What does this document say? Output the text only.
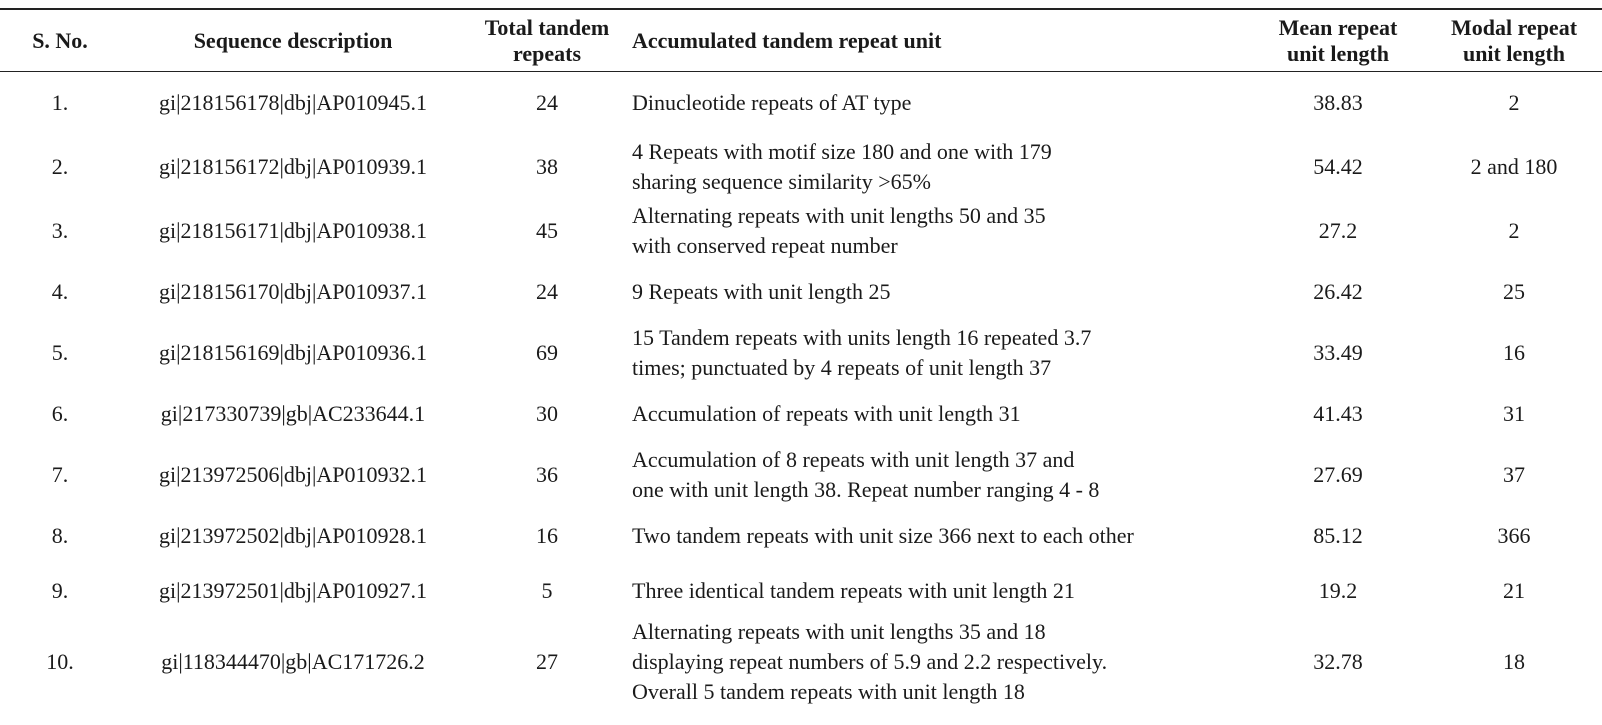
S. No.	Sequence description	Total tandem
repeats	Accumulated tandem repeat unit	Mean repeat
unit length	Modal repeat
unit length

1.	gi|218156178|dbj|AP010945.1	24	Dinucleotide repeats of AT type	38.83	2
2.	gi|218156172|dbj|AP010939.1	38	4 Repeats with motif size 180 and one with 179
sharing sequence similarity >65%	54.42	2 and 180
3.	gi|218156171|dbj|AP010938.1	45	Alternating repeats with unit lengths 50 and 35
with conserved repeat number	27.2	2
4.	gi|218156170|dbj|AP010937.1	24	9 Repeats with unit length 25	26.42	25
5.	gi|218156169|dbj|AP010936.1	69	15 Tandem repeats with units length 16 repeated 3.7
times; punctuated by 4 repeats of unit length 37	33.49	16
6.	gi|217330739|gb|AC233644.1	30	Accumulation of repeats with unit length 31	41.43	31
7.	gi|213972506|dbj|AP010932.1	36	Accumulation of 8 repeats with unit length 37 and
one with unit length 38. Repeat number ranging 4 - 8	27.69	37
8.	gi|213972502|dbj|AP010928.1	16	Two tandem repeats with unit size 366 next to each other	85.12	366
9.	gi|213972501|dbj|AP010927.1	5	Three identical tandem repeats with unit length 21	19.2	21
10.	gi|118344470|gb|AC171726.2	27	Alternating repeats with unit lengths 35 and 18
displaying repeat numbers of 5.9 and 2.2 respectively.
Overall 5 tandem repeats with unit length 18	32.78	18
